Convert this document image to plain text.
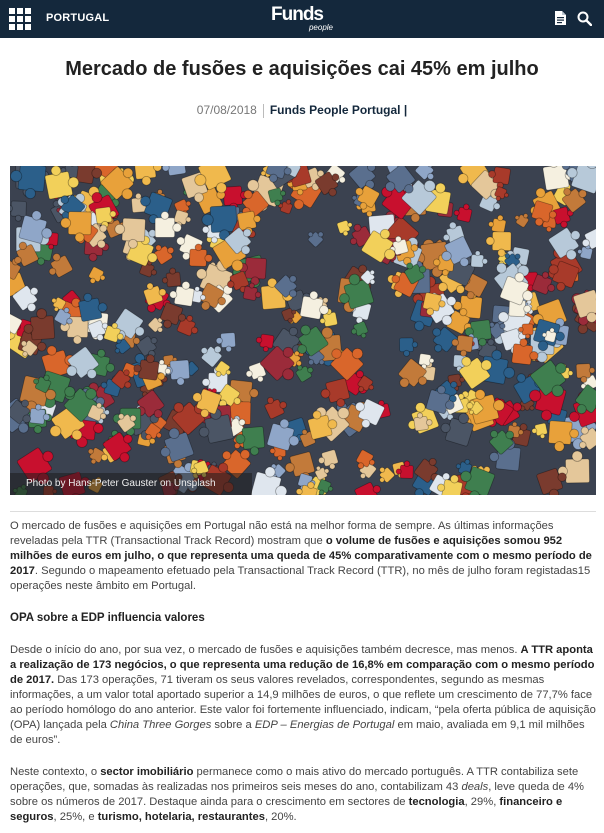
PORTUGAL	Funds
people
Mercado de fusões e aquisições cai 45% em julho
07/08/2018 Funds People Portugal |
Photo by Hans-Peter Gauster on Unsplash

O mercado de fusões e aquisições em Portugal não está na melhor forma de sempre. As últimas informações reveladas pela TTR (Transactional Track Record) mostram que o volume de fusões e aquisições somou 952 milhões de euros em julho, o que representa uma queda de 45% comparativamente com o mesmo período de 2017. Segundo o mapeamento efetuado pela Transactional Track Record (TTR), no mês de julho foram registadas15 operações neste âmbito em Portugal.

OPA sobre a EDP influencia valores

Desde o início do ano, por sua vez, o mercado de fusões e aquisições também decresce, mas menos. A TTR aponta a realização de 173 negócios, o que representa uma redução de 16,8% em comparação com o mesmo período de 2017. Das 173 operações, 71 tiveram os seus valores revelados, correspondentes, segundo as mesmas informações, a um valor total aportado superior a 14,9 milhões de euros, o que reflete um crescimento de 77,7% face ao período homólogo do ano anterior. Este valor foi fortemente influenciado, indicam, “pela oferta pública de aquisição (OPA) lançada pela China Three Gorges sobre a EDP – Energias de Portugal em maio, avaliada em 9,1 mil milhões de euros”.

Neste contexto, o sector imobiliário permanece como o mais ativo do mercado português. A TTR contabiliza sete operações, que, somadas às realizadas nos primeiros seis meses do ano, contabilizam 43 deals, leve queda de 4% sobre os números de 2017. Destaque ainda para o crescimento em sectores de tecnologia, 29%, financeiro e seguros, 25%, e turismo, hotelaria, restaurantes, 20%.
